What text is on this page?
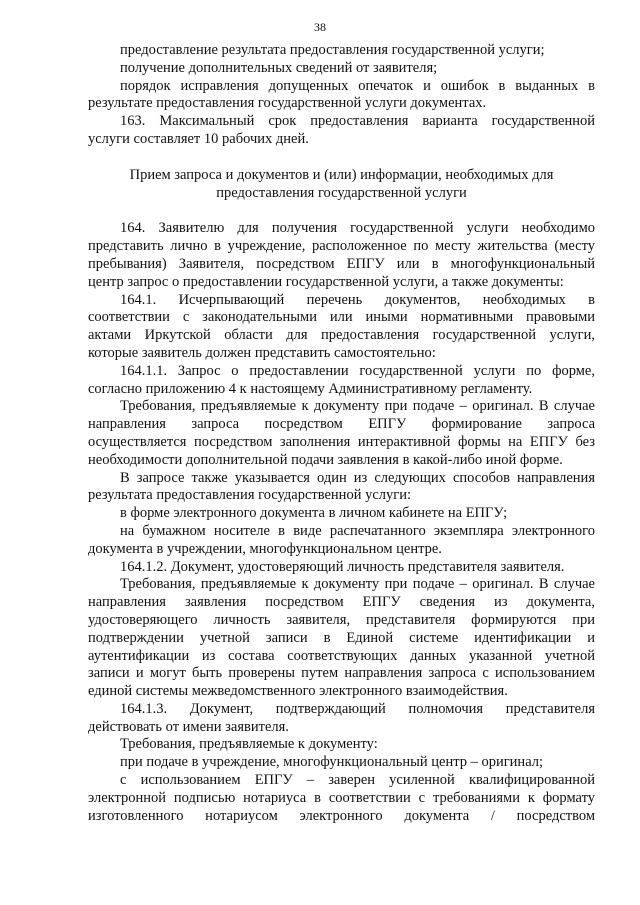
38
предоставление результата предоставления государственной услуги;
получение дополнительных сведений от заявителя;
порядок исправления допущенных опечаток и ошибок в выданных в
результате предоставления государственной услуги документах.
163. Максимальный срок предоставления варианта государственной
услуги составляет 10 рабочих дней.
Прием запроса и документов и (или) информации, необходимых для
предоставления государственной услуги
164. Заявителю для получения государственной услуги необходимо
представить лично в учреждение, расположенное по месту жительства (месту
пребывания) Заявителя, посредством ЕПГУ или в многофункциональный
центр запрос о предоставлении государственной услуги, а также документы:
164.1. Исчерпывающий перечень документов, необходимых в
соответствии с законодательными или иными нормативными правовыми
актами Иркутской области для предоставления государственной услуги,
которые заявитель должен представить самостоятельно:
164.1.1. Запрос о предоставлении государственной услуги по форме,
согласно приложению 4 к настоящему Административному регламенту.
Требования, предъявляемые к документу при подаче – оригинал. В случае
направления запроса посредством ЕПГУ формирование запроса
осуществляется посредством заполнения интерактивной формы на ЕПГУ без
необходимости дополнительной подачи заявления в какой-либо иной форме.
В запросе также указывается один из следующих способов направления
результата предоставления государственной услуги:
в форме электронного документа в личном кабинете на ЕПГУ;
на бумажном носителе в виде распечатанного экземпляра электронного
документа в учреждении, многофункциональном центре.
164.1.2. Документ, удостоверяющий личность представителя заявителя.
Требования, предъявляемые к документу при подаче – оригинал. В случае
направления заявления посредством ЕПГУ сведения из документа,
удостоверяющего личность заявителя, представителя формируются при
подтверждении учетной записи в Единой системе идентификации и
аутентификации из состава соответствующих данных указанной учетной
записи и могут быть проверены путем направления запроса с использованием
единой системы межведомственного электронного взаимодействия.
164.1.3. Документ, подтверждающий полномочия представителя
действовать от имени заявителя.
Требования, предъявляемые к документу:
при подаче в учреждение, многофункциональный центр – оригинал;
с использованием ЕПГУ – заверен усиленной квалифицированной
электронной подписью нотариуса в соответствии с требованиями к формату
изготовленного нотариусом электронного документа / посредством
